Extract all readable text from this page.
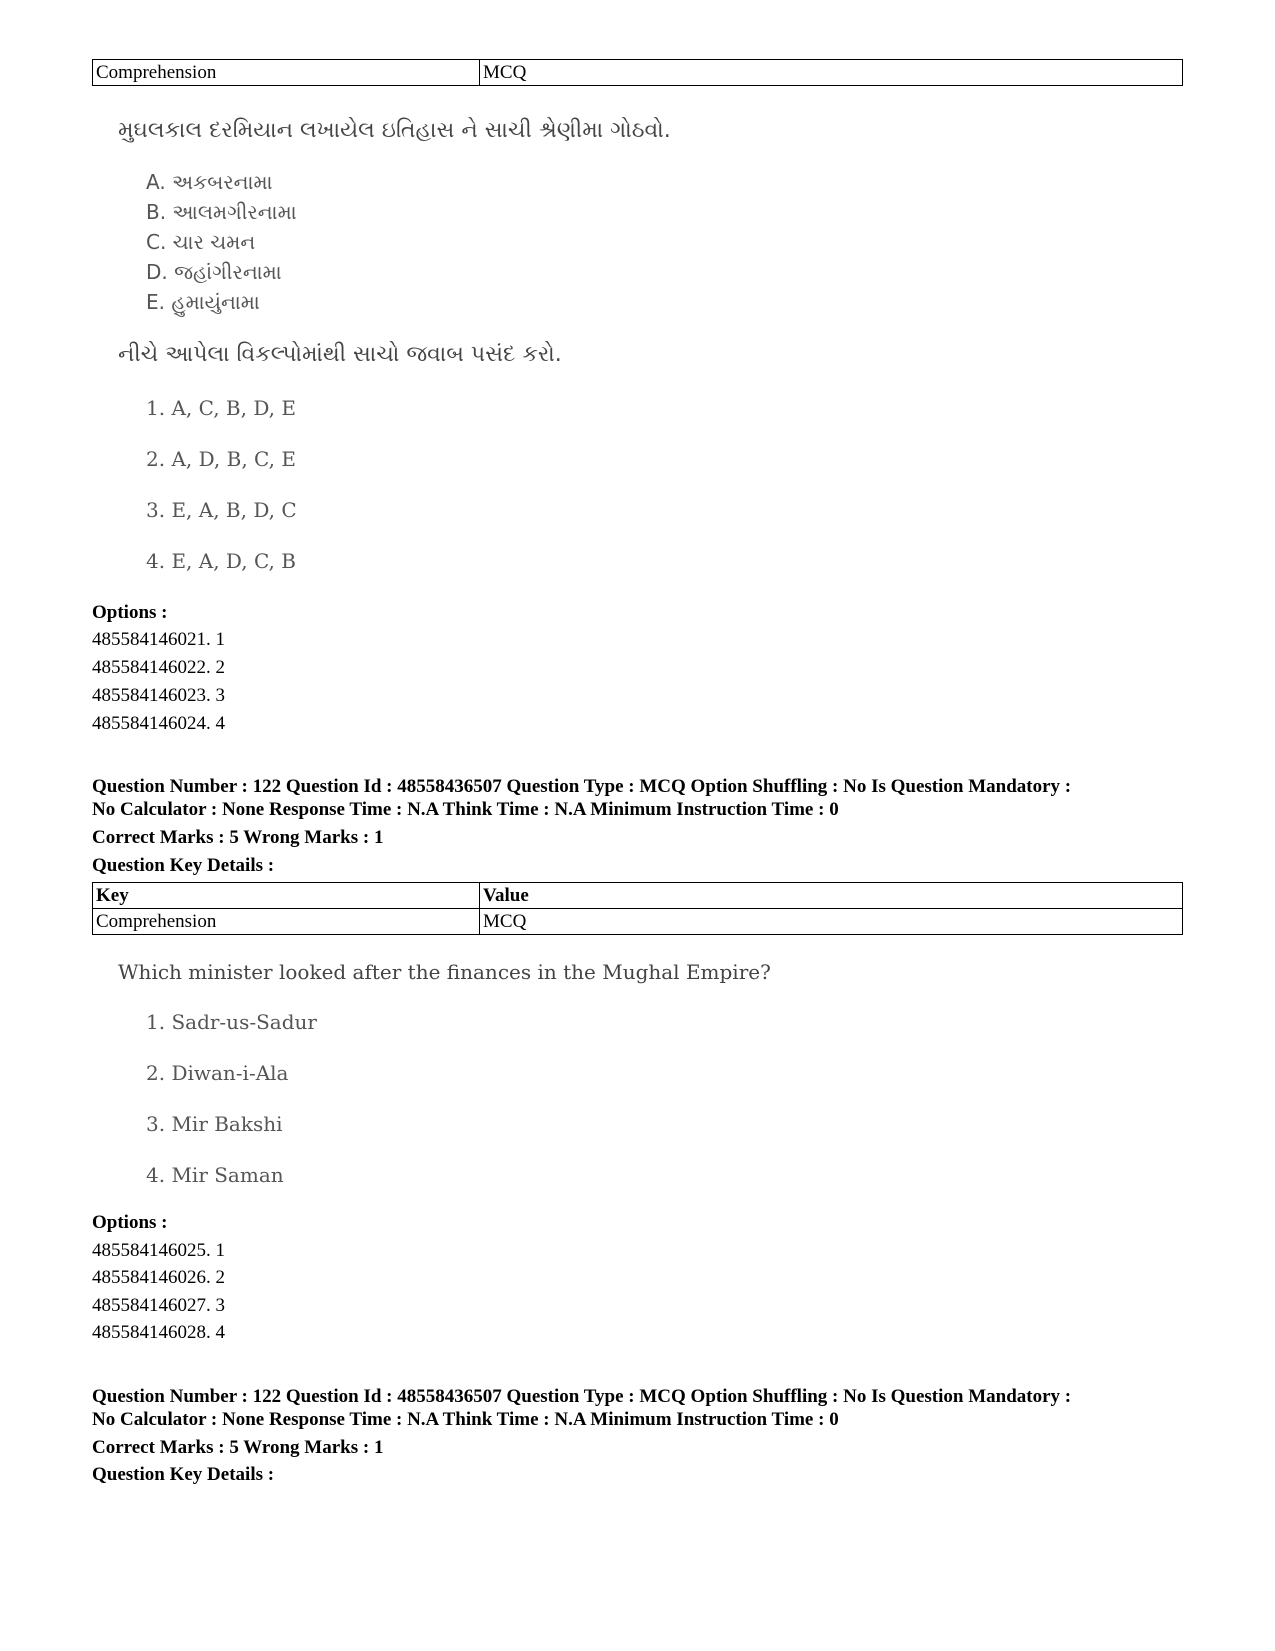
Comprehension	MCQ
મુઘલકાલ દરમિયાન લખાયેલ ઇતિહાસ ને સાચી શ્રેણીમા ગોઠવો.
A. અકબરનામા
B. આલમગીરનામા
C. ચાર ચમન
D. જહાંગીરનામા
E. હુમાયુંનામા
નીચે આપેલા વિકલ્પોમાંથી સાચો જવાબ પસંદ કરો.
1. A, C, B, D, E
2. A, D, B, C, E
3. E, A, B, D, C
4. E, A, D, C, B
Options :
485584146021. 1
485584146022. 2
485584146023. 3
485584146024. 4
Question Number : 122 Question Id : 48558436507 Question Type : MCQ Option Shuffling : No Is Question Mandatory :
No Calculator : None Response Time : N.A Think Time : N.A Minimum Instruction Time : 0
Correct Marks : 5 Wrong Marks : 1
Question Key Details :
Key	Value
Comprehension	MCQ
Which minister looked after the finances in the Mughal Empire?
1. Sadr-us-Sadur
2. Diwan-i-Ala
3. Mir Bakshi
4. Mir Saman
Options :
485584146025. 1
485584146026. 2
485584146027. 3
485584146028. 4
Question Number : 122 Question Id : 48558436507 Question Type : MCQ Option Shuffling : No Is Question Mandatory :
No Calculator : None Response Time : N.A Think Time : N.A Minimum Instruction Time : 0
Correct Marks : 5 Wrong Marks : 1
Question Key Details :
